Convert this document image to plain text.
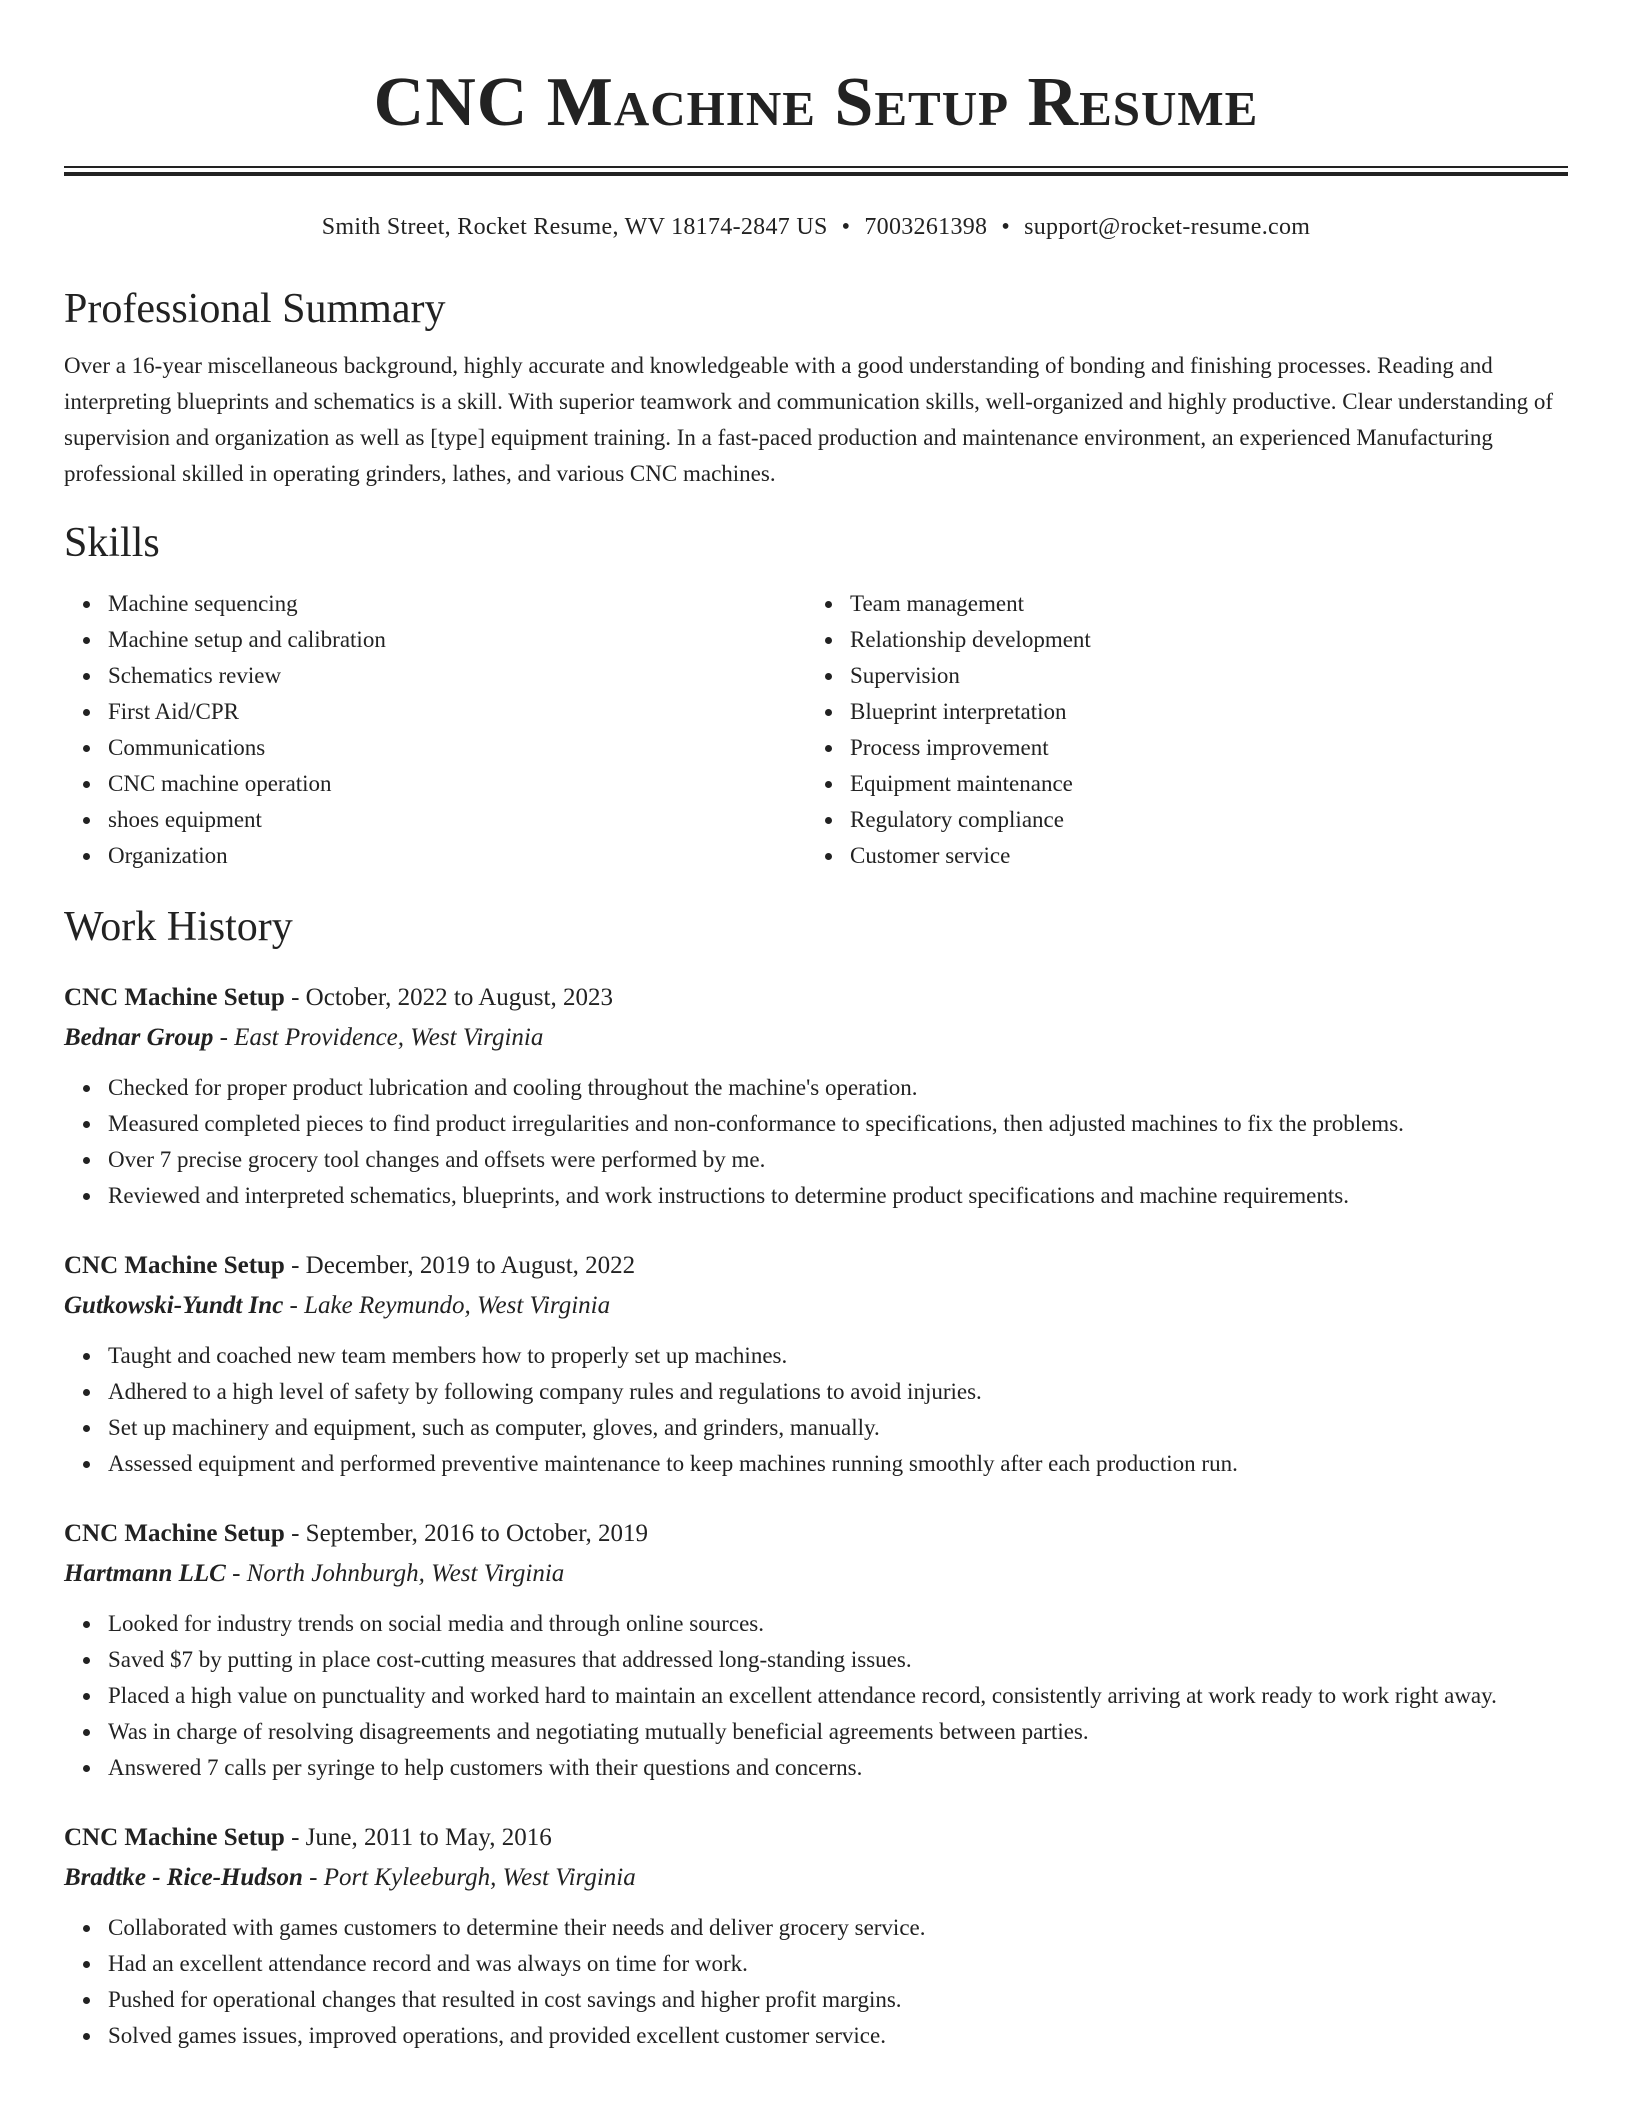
CNC Machine Setup Resume
Smith Street, Rocket Resume, WV 18174-2847 US • 7003261398 • support@rocket-resume.com
Professional Summary

Over a 16-year miscellaneous background, highly accurate and knowledgeable with a good understanding of bonding and finishing processes. Reading and interpreting blueprints and schematics is a skill. With superior teamwork and communication skills, well-organized and highly productive. Clear understanding of supervision and organization as well as [type] equipment training. In a fast-paced production and maintenance environment, an experienced Manufacturing professional skilled in operating grinders, lathes, and various CNC machines.

Skills
Machine sequencing
Machine setup and calibration
Schematics review
First Aid/CPR
Communications
CNC machine operation
shoes equipment
Organization
Team management
Relationship development
Supervision
Blueprint interpretation
Process improvement
Equipment maintenance
Regulatory compliance
Customer service
Work History
CNC Machine Setup - October, 2022 to August, 2023
Bednar Group - East Providence, West Virginia
Checked for proper product lubrication and cooling throughout the machine's operation.
Measured completed pieces to find product irregularities and non-conformance to specifications, then adjusted machines to fix the problems.
Over 7 precise grocery tool changes and offsets were performed by me.
Reviewed and interpreted schematics, blueprints, and work instructions to determine product specifications and machine requirements.
CNC Machine Setup - December, 2019 to August, 2022
Gutkowski-Yundt Inc - Lake Reymundo, West Virginia
Taught and coached new team members how to properly set up machines.
Adhered to a high level of safety by following company rules and regulations to avoid injuries.
Set up machinery and equipment, such as computer, gloves, and grinders, manually.
Assessed equipment and performed preventive maintenance to keep machines running smoothly after each production run.
CNC Machine Setup - September, 2016 to October, 2019
Hartmann LLC - North Johnburgh, West Virginia
Looked for industry trends on social media and through online sources.
Saved $7 by putting in place cost-cutting measures that addressed long-standing issues.
Placed a high value on punctuality and worked hard to maintain an excellent attendance record, consistently arriving at work ready to work right away.
Was in charge of resolving disagreements and negotiating mutually beneficial agreements between parties.
Answered 7 calls per syringe to help customers with their questions and concerns.
CNC Machine Setup - June, 2011 to May, 2016
Bradtke - Rice-Hudson - Port Kyleeburgh, West Virginia
Collaborated with games customers to determine their needs and deliver grocery service.
Had an excellent attendance record and was always on time for work.
Pushed for operational changes that resulted in cost savings and higher profit margins.
Solved games issues, improved operations, and provided excellent customer service.
